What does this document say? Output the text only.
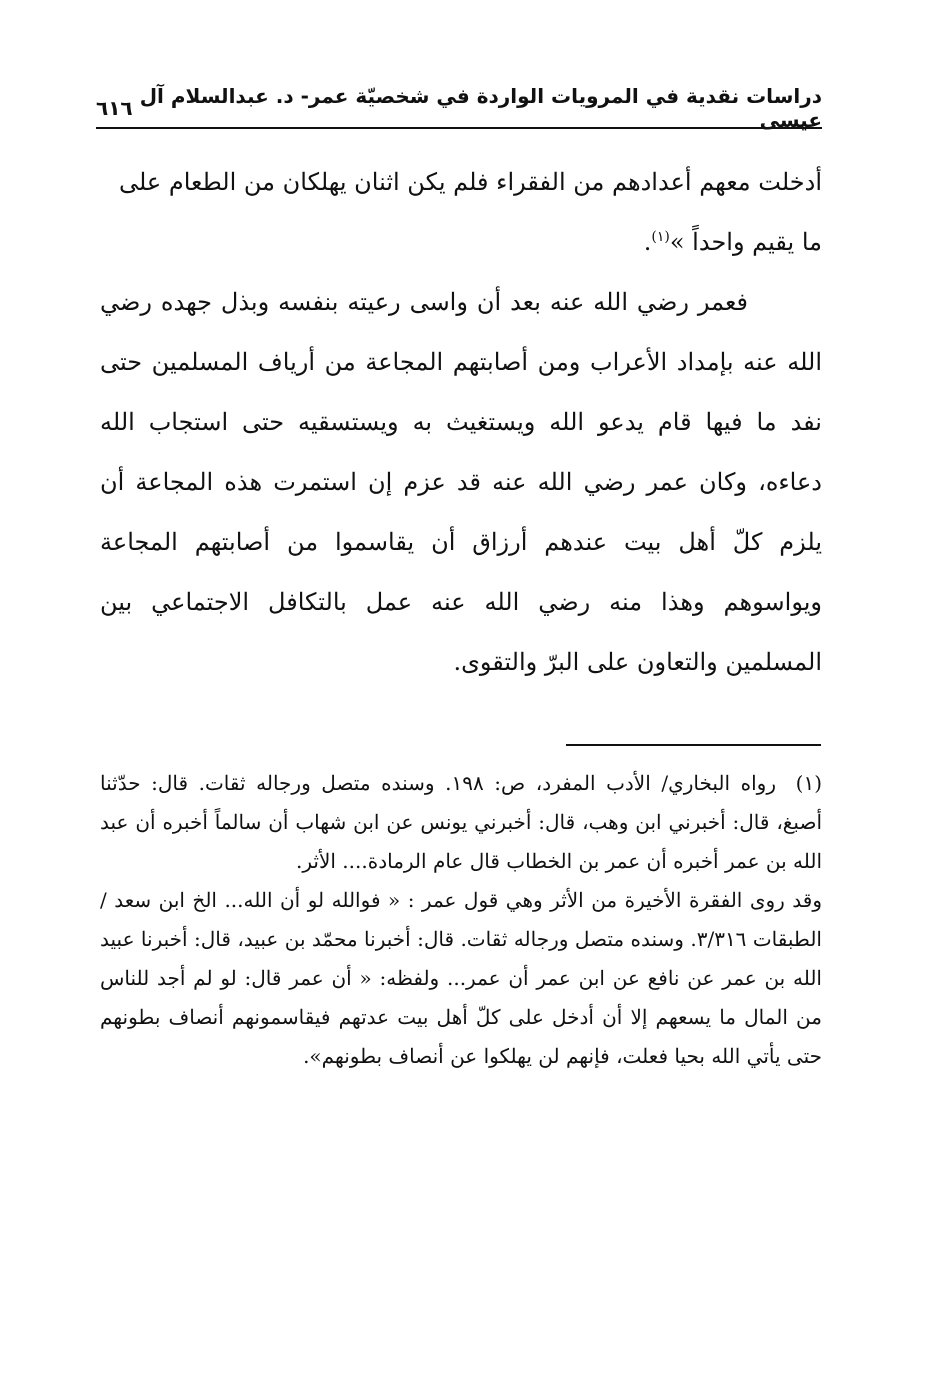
دراسات نقدية في المرويات الواردة في شخصيّة عمر- د. عبدالسلام آل عيسى
٦١٦

أدخلت معهم أعدادهم من الفقراء فلم يكن اثنان يهلكان من الطعام على
ما يقيم واحداً »$^{(١)}$.

فعمر رضي الله عنه بعد أن واسى رعيته بنفسه وبذل جهده رضي الله عنه بإمداد الأعراب ومن أصابتهم المجاعة من أرياف المسلمين حتى نفد ما فيها قام يدعو الله ويستغيث به ويستسقيه حتى استجاب الله دعاءه، وكان عمر رضي الله عنه قد عزم إن استمرت هذه المجاعة أن يلزم كلّ أهل بيت عندهم أرزاق أن يقاسموا من أصابتهم المجاعة ويواسوهم وهذا منه رضي الله عنه عمل بالتكافل الاجتماعي بين المسلمين والتعاون على البرّ والتقوى.

(١)رواه البخاري/ الأدب المفرد، ص: ١٩٨. وسنده متصل ورجاله ثقات. قال: حدّثنا أصبغ، قال: أخبرني ابن وهب، قال: أخبرني يونس عن ابن شهاب أن سالماً أخبره أن عبد الله بن عمر أخبره أن عمر بن الخطاب قال عام الرمادة.... الأثر.

وقد روى الفقرة الأخيرة من الأثر وهي قول عمر : « فوالله لو أن الله... الخ ابن سعد / الطبقات ٣/٣١٦. وسنده متصل ورجاله ثقات. قال: أخبرنا محمّد بن عبيد، قال: أخبرنا عبيد الله بن عمر عن نافع عن ابن عمر أن عمر... ولفظه: « أن عمر قال: لو لم أجد للناس من المال ما يسعهم إلا أن أدخل على كلّ أهل بيت عدتهم فيقاسمونهم أنصاف بطونهم حتى يأتي الله بحيا فعلت، فإنهم لن يهلكوا عن أنصاف بطونهم».
